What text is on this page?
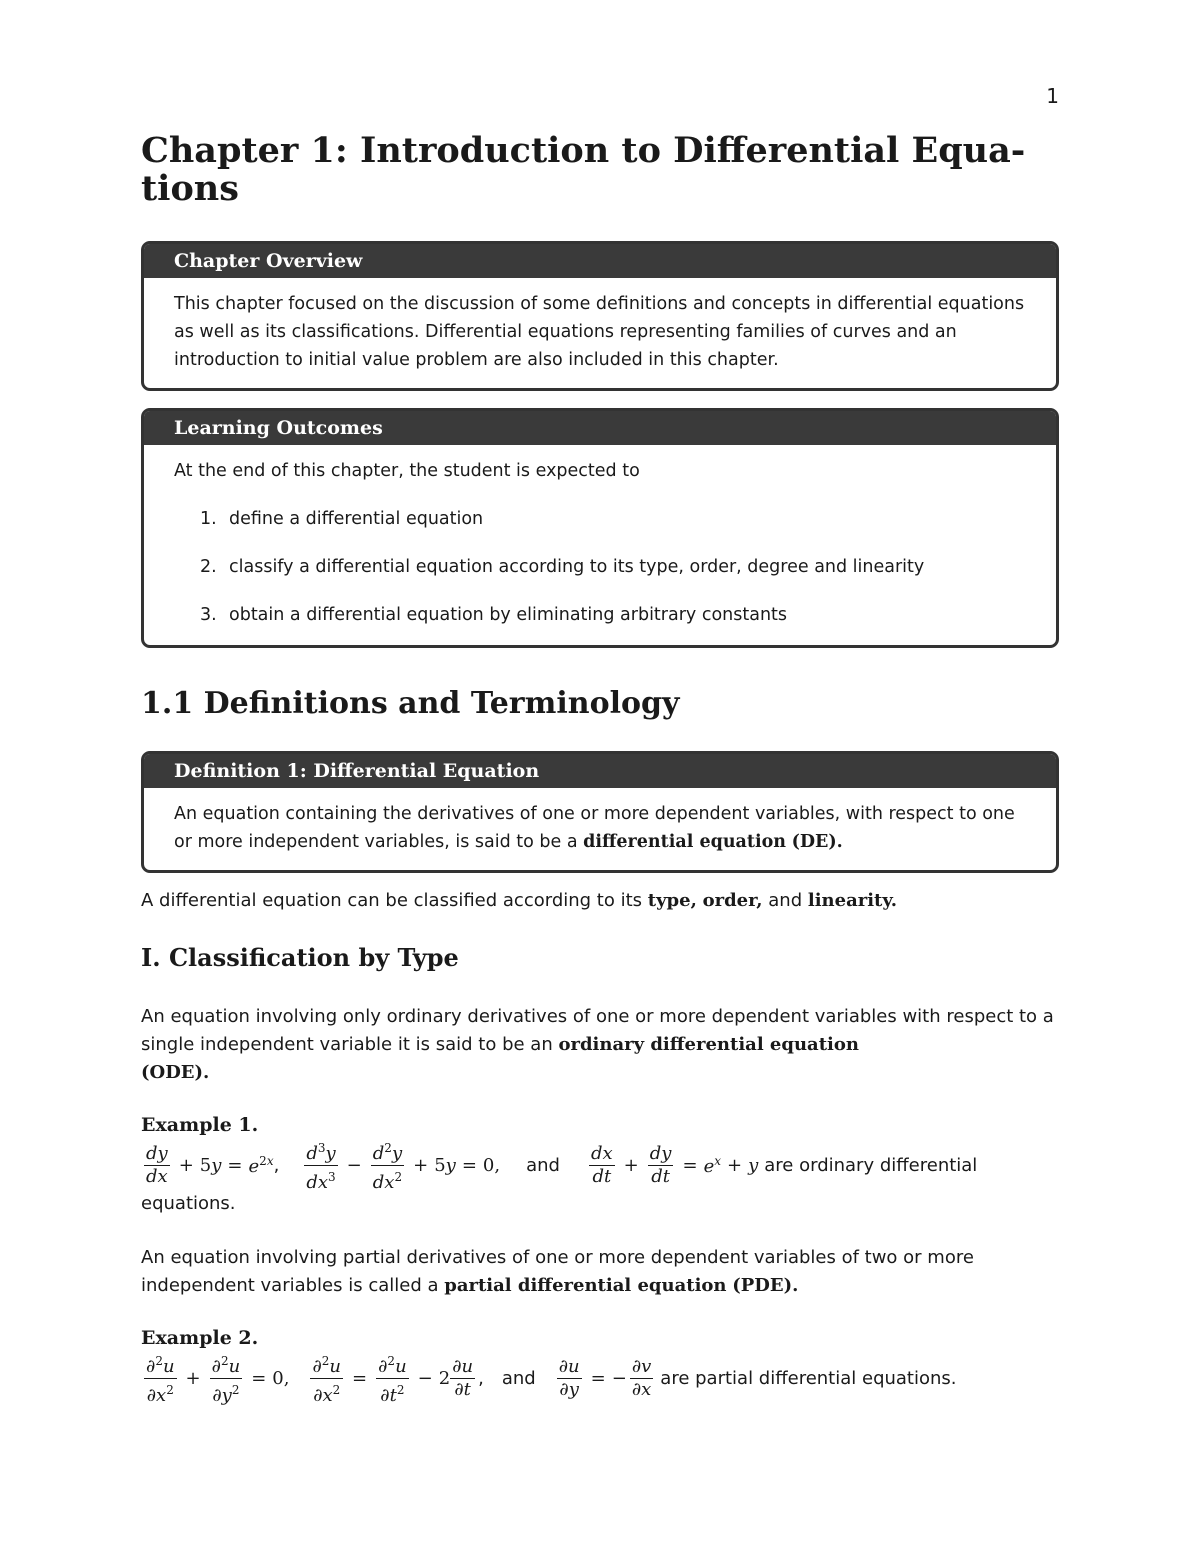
1
Chapter 1: Introduction to Differential Equa-
tions
Chapter Overview

This chapter focused on the discussion of some definitions and concepts in differential equations as well as its classifications. Differential equations representing families of curves and an introduction to initial value problem are also included in this chapter.

Learning Outcomes

At the end of this chapter, the student is expected to

1. define a differential equation
2. classify a differential equation according to its type, order, degree and linearity
3. obtain a differential equation by eliminating arbitrary constants
1.1 Definitions and Terminology
Definition 1: Differential Equation

An equation containing the derivatives of one or more dependent variables, with respect to one or more independent variables, is said to be a differential equation (DE).

A differential equation can be classified according to its type, order, and linearity.

I. Classification by Type

An equation involving only ordinary derivatives of one or more dependent variables with respect to a single independent variable it is said to be an ordinary differential equation
(ODE).

Example 1.

$\frac{dy}{dx} + 5y = e^{2x}$ , $\frac{d^3y}{dx^3} - \frac{d^2y}{dx^2} + 5y = 0$, and $\frac{dx}{dt} + \frac{dy}{dt} = e^x + y$ are ordinary differential

equations.

An equation involving partial derivatives of one or more dependent variables of two or more independent variables is called a partial differential equation (PDE).

Example 2.

$\frac{\partial^2u}{\partial x^2} + \frac{\partial^2u}{\partial y^2} = 0$, $\frac{\partial^2u}{\partial x^2} = \frac{\partial^2u}{\partial t^2} - 2 \frac{\partial u}{\partial t}$ , and $\frac{\partial u}{\partial y}$ = − $\frac{\partial v}{\partial x}$ are partial differential equations.
